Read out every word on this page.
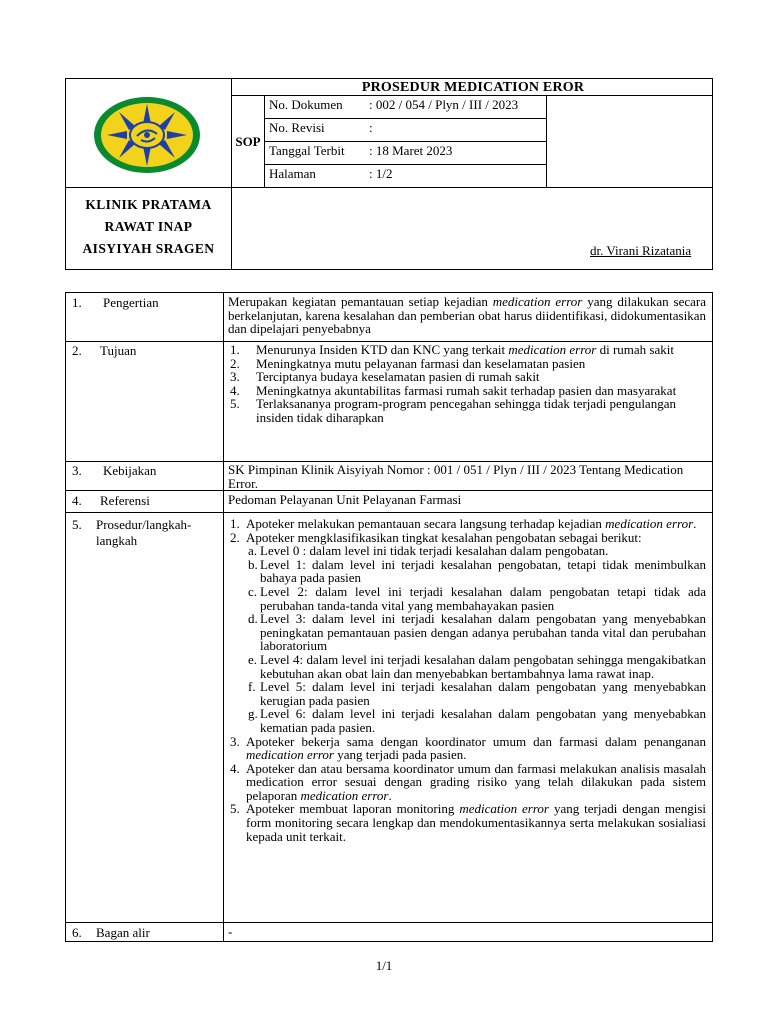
PROSEDUR MEDICATION EROR
SOP
No. Dokumen : 002 / 054 / Plyn / III / 2023
No. Revisi	:
Tanggal Terbit : 18 Maret 2023
Halaman	: 1/2
KLINIK PRATAMA
RAWAT INAP
AISYIYAH SRAGEN	dr. Virani Rizatania
1. Pengertian	Merupakan kegiatan pemantauan setiap kejadian medication error yang dilakukan secara berkelanjutan, karena kesalahan dan pemberian obat harus diidentifikasi, didokumentasikan dan dipelajari penyebabnya
2. Tujuan	1.	Menurunya Insiden KTD dan KNC yang terkait medication error di rumah sakit
2.	Meningkatnya mutu pelayanan farmasi dan keselamatan pasien
3.	Terciptanya budaya keselamatan pasien di rumah sakit
4.	Meningkatnya akuntabilitas farmasi rumah sakit terhadap pasien dan masyarakat
5.	Terlaksananya program-program pencegahan sehingga tidak terjadi pengulangan insiden tidak diharapkan
3. Kebijakan	SK Pimpinan Klinik Aisyiyah Nomor : 001 / 051 / Plyn / III / 2023 Tentang Medication Error.
4. Referensi	Pedoman Pelayanan Unit Pelayanan Farmasi
5. Prosedur/langkah-
langkah
1. Apoteker melakukan pemantauan secara langsung terhadap kejadian medication error.
2. Apoteker mengklasifikasikan tingkat kesalahan pengobatan sebagai berikut:
a. Level 0 : dalam level ini tidak terjadi kesalahan dalam pengobatan.
b. Level 1: dalam level ini terjadi kesalahan pengobatan, tetapi tidak menimbulkan bahaya pada pasien
c. Level 2: dalam level ini terjadi kesalahan dalam pengobatan tetapi tidak ada perubahan tanda-tanda vital yang membahayakan pasien
d. Level 3: dalam level ini terjadi kesalahan dalam pengobatan yang menyebabkan peningkatan pemantauan pasien dengan adanya perubahan tanda vital dan perubahan laboratorium
e. Level 4: dalam level ini terjadi kesalahan dalam pengobatan sehingga mengakibatkan kebutuhan akan obat lain dan menyebabkan bertambahnya lama rawat inap.
f. Level 5: dalam level ini terjadi kesalahan dalam pengobatan yang menyebabkan kerugian pada pasien
g. Level 6: dalam level ini terjadi kesalahan dalam pengobatan yang menyebabkan kematian pada pasien.
3. Apoteker bekerja sama dengan koordinator umum dan farmasi dalam penanganan medication error yang terjadi pada pasien.
4. Apoteker dan atau bersama koordinator umum dan farmasi melakukan analisis masalah medication error sesuai dengan grading risiko yang telah dilakukan pada sistem pelaporan medication error.
5. Apoteker membuat laporan monitoring medication error yang terjadi dengan mengisi form monitoring secara lengkap dan mendokumentasikannya serta melakukan sosialiasi kepada unit terkait.
6. Bagan alir	-
1/1
